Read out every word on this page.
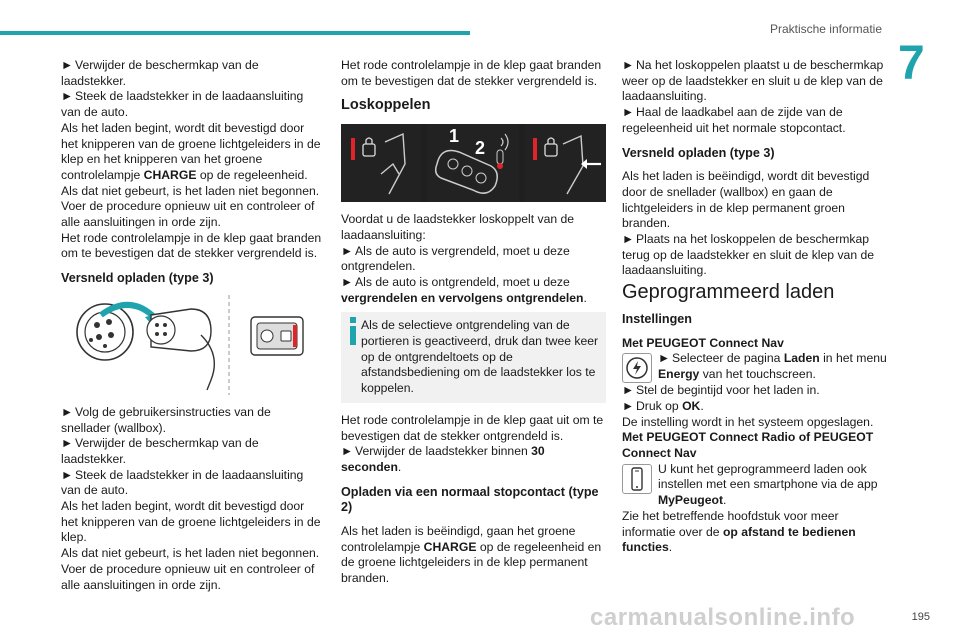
Praktische informatie
7

► Verwijder de beschermkap van de laadstekker.

► Steek de laadstekker in de laadaansluiting van de auto.

Als het laden begint, wordt dit bevestigd door het knipperen van de groene lichtgeleiders in de klep en het knipperen van het groene controlelampje CHARGE op de regeleenheid.

Als dat niet gebeurt, is het laden niet begonnen. Voer de procedure opnieuw uit en controleer of alle aansluitingen in orde zijn.

Het rode controlelampje in de klep gaat branden om te bevestigen dat de stekker vergrendeld is.

Versneld opladen (type 3)

► Volg de gebruikersinstructies van de snellader (wallbox).

► Verwijder de beschermkap van de laadstekker.

► Steek de laadstekker in de laadaansluiting van de auto.

Als het laden begint, wordt dit bevestigd door het knipperen van de groene lichtgeleiders in de klep.

Als dat niet gebeurt, is het laden niet begonnen. Voer de procedure opnieuw uit en controleer of alle aansluitingen in orde zijn.

Het rode controlelampje in de klep gaat branden om te bevestigen dat de stekker vergrendeld is.

Loskoppelen

1
2

Voordat u de laadstekker loskoppelt van de laadaansluiting:

► Als de auto is vergrendeld, moet u deze ontgrendelen.

► Als de auto is ontgrendeld, moet u deze vergrendelen en vervolgens ontgrendelen.

Als de selectieve ontgrendeling van de portieren is geactiveerd, druk dan twee keer op de ontgrendeltoets op de afstandsbediening om de laadstekker los te koppelen.

Het rode controlelampje in de klep gaat uit om te bevestigen dat de stekker ontgrendeld is.

► Verwijder de laadstekker binnen 30 seconden.

Opladen via een normaal stopcontact (type 2)

Als het laden is beëindigd, gaan het groene controlelampje CHARGE op de regeleenheid en de groene lichtgeleiders in de klep permanent branden.

► Na het loskoppelen plaatst u de beschermkap weer op de laadstekker en sluit u de klep van de laadaansluiting.

► Haal de laadkabel aan de zijde van de regeleenheid uit het normale stopcontact.

Versneld opladen (type 3)

Als het laden is beëindigd, wordt dit bevestigd door de snellader (wallbox) en gaan de lichtgeleiders in de klep permanent groen branden.

► Plaats na het loskoppelen de beschermkap terug op de laadstekker en sluit de klep van de laadaansluiting.

Geprogrammeerd laden

Instellingen

Met PEUGEOT Connect Nav

► Selecteer de pagina Laden in het menu Energy van het touchscreen.

► Stel de begintijd voor het laden in.

► Druk op OK.

De instelling wordt in het systeem opgeslagen.

Met PEUGEOT Connect Radio of PEUGEOT Connect Nav

U kunt het geprogrammeerd laden ook instellen met een smartphone via de app MyPeugeot.

Zie het betreffende hoofdstuk voor meer informatie over de op afstand te bedienen functies.

carmanualsonline.info	195
